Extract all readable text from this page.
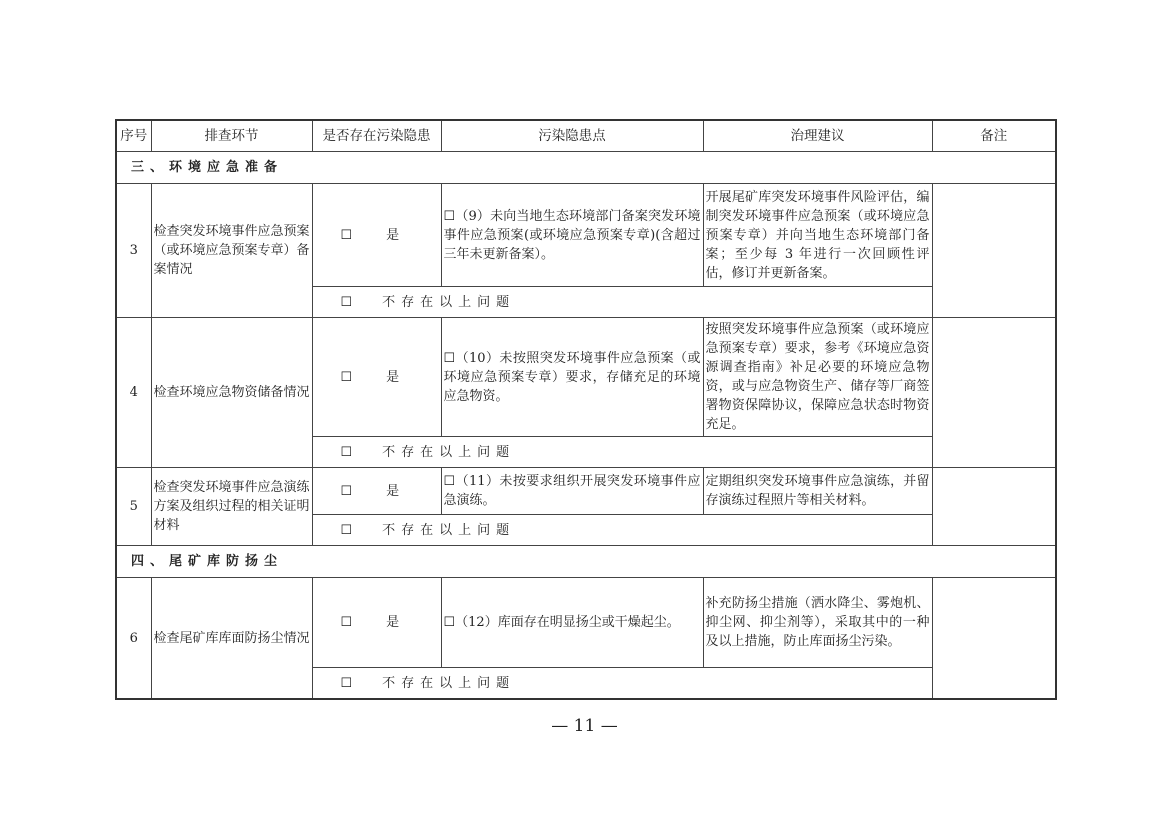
序号	排查环节	是否存在污染隐患	污染隐患点	治理建议	备注
三、环境应急准备					
3	检查突发环境事件应急预案（或环境应急预案专章）备案情况	☐ 是	☐（9）未向当地生态环境部门备案突发环境事件应急预案(或环境应急预案专章)(含超过三年未更新备案）。	开展尾矿库突发环境事件风险评估，编制突发环境事件应急预案（或环境应急预案专章）并向当地生态环境部门备案；至少每 3 年进行一次回顾性评估，修订并更新备案。	
		☐ 不存在以上问题			
4	检查环境应急物资储备情况	☐ 是	☐（10）未按照突发环境事件应急预案（或环境应急预案专章）要求，存储充足的环境应急物资。	按照突发环境事件应急预案（或环境应急预案专章）要求，参考《环境应急资源调查指南》补足必要的环境应急物资，或与应急物资生产、储存等厂商签署物资保障协议，保障应急状态时物资充足。	
		☐ 不存在以上问题			
5	检查突发环境事件应急演练方案及组织过程的相关证明材料	☐ 是	☐（11）未按要求组织开展突发环境事件应急演练。	定期组织突发环境事件应急演练，并留存演练过程照片等相关材料。	
		☐ 不存在以上问题			
四、尾矿库防扬尘					
6	检查尾矿库库面防扬尘情况	☐ 是	☐（12）库面存在明显扬尘或干燥起尘。	补充防扬尘措施（洒水降尘、雾炮机、抑尘网、抑尘剂等），采取其中的一种及以上措施，防止库面扬尘污染。	
		☐ 不存在以上问题			
— 11 —
